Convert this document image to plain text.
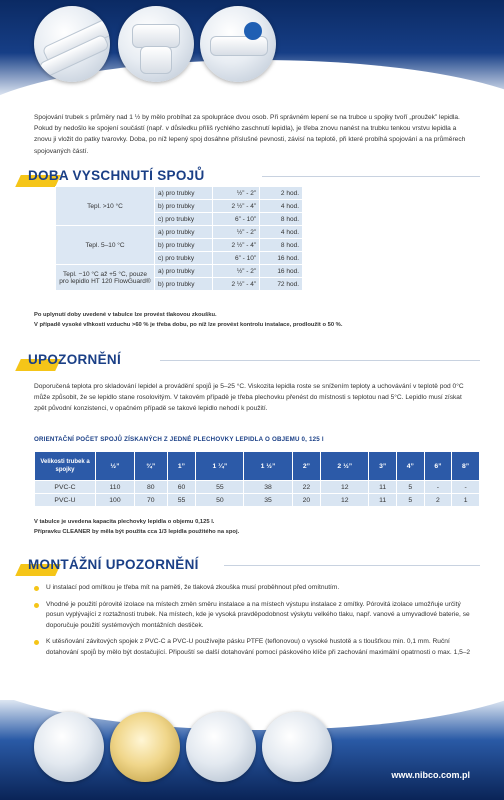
Spojování trubek s průměry nad 1 ½ by mělo probíhat za spolupráce dvou osob. Při správném lepení se na trubce u spojky tvoří „proužek” lepidla. Pokud by nedošlo ke spojení součástí (např. v důsledku příliš rychlého zaschnutí lepidla), je třeba znovu nanést na trubku tenkou vrstvu lepidla a znovu ji vložit do patky tvarovky. Doba, po níž lepený spoj dosáhne příslušné pevnosti, závisí na teplotě, při které probíhá spojování a na průměrech spojovaných částí.
DOBA VYSCHNUTÍ SPOJŮ
Tepl. >10 °C	a) pro trubky	½” - 2”	2 hod.
	b) pro trubky	2 ½” - 4”	4 hod.
	c) pro trubky	6” - 10”	8 hod.
Tepl. 5–10 °C	a) pro trubky	½” - 2”	4 hod.
	b) pro trubky	2 ½” - 4”	8 hod.
	c) pro trubky	6” - 10”	16 hod.
Tepl. −10 °C až +5 °C, pouze pro lepidlo HT 120 FlowGuard®	a) pro trubky	½” - 2”	16 hod.
	b) pro trubky	2 ½” - 4”	72 hod.
Po uplynutí doby uvedené v tabulce lze provést tlakovou zkoušku.
V případě vysoké vlhkosti vzduchu >60 % je třeba dobu, po níž lze provést kontrolu instalace, prodloužit o 50 %.
UPOZORNĚNÍ
Doporučená teplota pro skladování lepidel a provádění spojů je 5–25 °C. Viskozita lepidla roste se snížením teploty a uchovávání v teplotě pod 0°C může způsobit, že se lepidlo stane rosolovitým. V takovém případě je třeba plechovku přenést do místnosti s teplotou nad 5°C. Lepidlo musí získat zpět původní konzistenci, v opačném případě se takové lepidlo nehodí k použití.
ORIENTAČNÍ POČET SPOJŮ ZÍSKANÝCH Z JEDNÉ PLECHOVKY LEPIDLA O OBJEMU 0, 125 l
Velikosti trubek a spojky	½”	¾”	1”	1 ¼”	1 ½”	2”	2 ½”	3”	4”	6”	8”
PVC-C	110	80	60	55	38	22	12	11	5	-	-
PVC-U	100	70	55	50	35	20	12	11	5	2	1
V tabulce je uvedena kapacita plechovky lepidla o objemu 0,125 l.
Přípravku CLEANER by měla být použita cca 1/3 lepidla použitého na spoj.
MONTÁŽNÍ UPOZORNĚNÍ
U instalací pod omítkou je třeba mít na paměti, že tlaková zkouška musí proběhnout před omítnutím.
Vhodné je použití pórovité izolace na místech změn směru instalace a na místech výstupu instalace z omítky. Pórovitá izolace umožňuje určitý posun vyplývající z roztažnosti trubek. Na místech, kde je vysoká pravděpodobnost výskytu velkého tlaku, např. vanové a umyvadlové baterie, se doporučuje použití systémových montážních destiček.
K utěsňování závitových spojek z PVC-C a PVC-U používejte pásku PTFE (teflonovou) o vysoké hustotě a s tloušťkou min. 0,1 mm. Ruční dotahování spojů by mělo být dostačující. Připouští se další dotahování pomocí páskového klíče při zachování maximální opatrnosti o max. 1,5–2
www.nibco.com.pl
